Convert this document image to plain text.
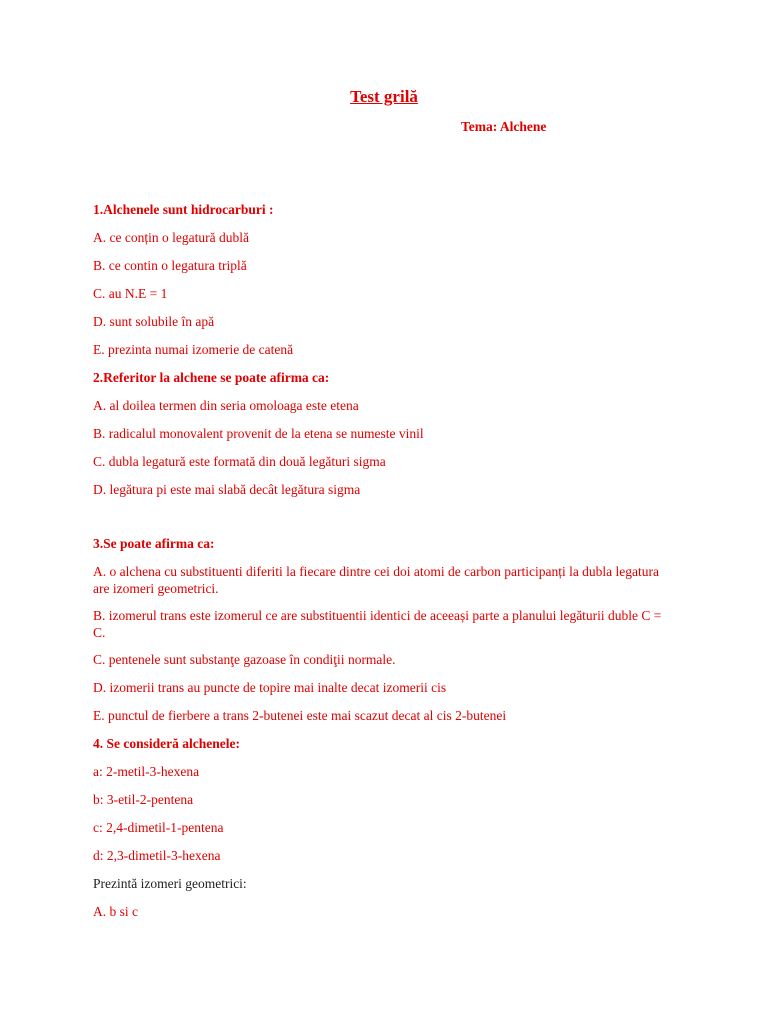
Test grilă
Tema: Alchene

1.Alchenele sunt hidrocarburi :

A. ce conțin o legatură dublă

B. ce contin o legatura triplă

C. au N.E = 1

D. sunt solubile în apă

E. prezinta numai izomerie de catenă

2.Referitor la alchene se poate afirma ca:

A. al doilea termen din seria omoloaga este etena

B. radicalul monovalent provenit de la etena se numeste vinil

C. dubla legatură este formată din două legături sigma

D. legătura pi este mai slabă decât legătura sigma

3.Se poate afirma ca:

A. o alchena cu substituenti diferiti la fiecare dintre cei doi atomi de carbon participanți la dubla legatura are izomeri geometrici.

B. izomerul trans este izomerul ce are substituentii identici de aceeași parte a planului legăturii duble C = C.

C. pentenele sunt substanţe gazoase în condiţii normale.

D. izomerii trans au puncte de topire mai inalte decat izomerii cis

E. punctul de fierbere a trans 2-butenei este mai scazut decat al cis 2-butenei

4. Se consideră alchenele:

a: 2-metil-3-hexena

b: 3-etil-2-pentena

c: 2,4-dimetil-1-pentena

d: 2,3-dimetil-3-hexena

Prezintă izomeri geometrici:

A. b si c
